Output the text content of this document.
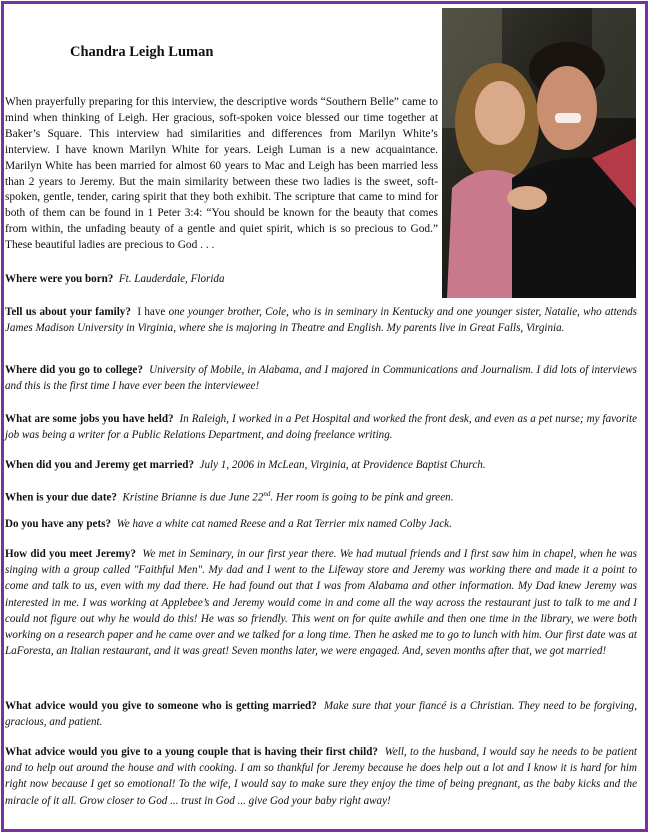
Chandra Leigh Luman

When prayerfully preparing for this interview, the descriptive words “Southern Belle” came to mind when thinking of Leigh. Her gracious, soft-spoken voice blessed our time together at Baker’s Square. This interview had similarities and differences from Marilyn White’s interview. I have known Marilyn White for years. Leigh Luman is a new acquaintance. Marilyn White has been married for almost 60 years to Mac and Leigh has been married less than 2 years to Jeremy. But the main similarity between these two ladies is the sweet, soft-spoken, gentle, tender, caring spirit that they both exhibit. The scripture that came to mind for both of them can be found in 1 Peter 3:4: “You should be known for the beauty that comes from within, the unfading beauty of a gentle and quiet spirit, which is so precious to God.” These beautiful ladies are precious to God . . .

Where were you born? Ft. Lauderdale, Florida

Tell us about your family? I have one younger brother, Cole, who is in seminary in Kentucky and one younger sister, Natalie, who attends James Madison University in Virginia, where she is majoring in Theatre and English. My parents live in Great Falls, Virginia.

Where did you go to college? University of Mobile, in Alabama, and I majored in Communications and Journalism. I did lots of interviews and this is the first time I have ever been the interviewee!

What are some jobs you have held? In Raleigh, I worked in a Pet Hospital and worked the front desk, and even as a pet nurse; my favorite job was being a writer for a Public Relations Department, and doing freelance writing.

When did you and Jeremy get married? July 1, 2006 in McLean, Virginia, at Providence Baptist Church.

When is your due date? Kristine Brianne is due June 22nd. Her room is going to be pink and green.

Do you have any pets? We have a white cat named Reese and a Rat Terrier mix named Colby Jack.

How did you meet Jeremy? We met in Seminary, in our first year there. We had mutual friends and I first saw him in chapel, when he was singing with a group called "Faithful Men". My dad and I went to the Lifeway store and Jeremy was working there and made it a point to come and talk to us, even with my dad there. He had found out that I was from Alabama and other information. My Dad knew Jeremy was interested in me. I was working at Applebee’s and Jeremy would come in and come all the way across the restaurant just to talk to me and I could not figure out why he would do this! He was so friendly. This went on for quite awhile and then one time in the library, we were both working on a research paper and he came over and we talked for a long time. Then he asked me to go to lunch with him. Our first date was at LaForesta, an Italian restaurant, and it was great! Seven months later, we were engaged. And, seven months after that, we got married!

What advice would you give to someone who is getting married? Make sure that your fiancé is a Christian. They need to be forgiving, gracious, and patient.

What advice would you give to a young couple that is having their first child? Well, to the husband, I would say he needs to be patient and to help out around the house and with cooking. I am so thankful for Jeremy because he does help out a lot and I know it is hard for him right now because I get so emotional! To the wife, I would say to make sure they enjoy the time of being pregnant, as the baby kicks and the miracle of it all. Grow closer to God ... trust in God ... give God your baby right away!
